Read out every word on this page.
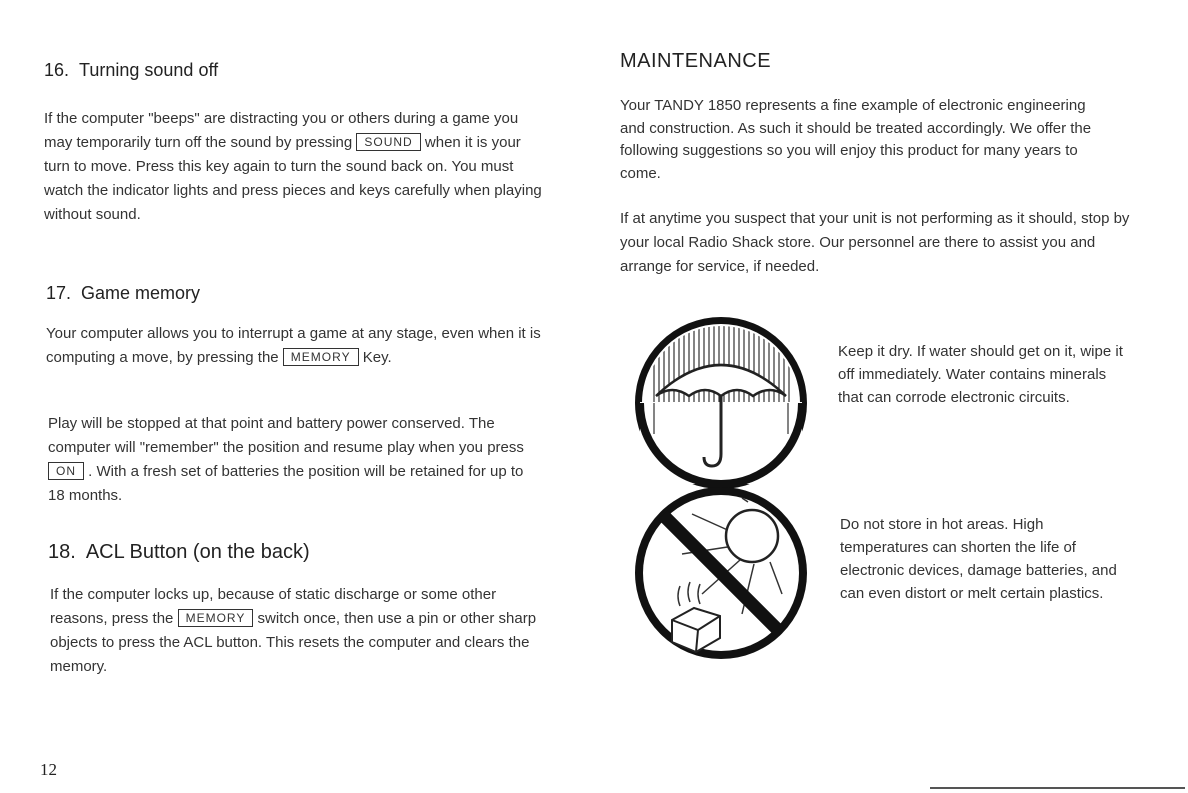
16. Turning sound off

If the computer "beeps" are distracting you or others during a game you may temporarily turn off the sound by pressing SOUND when it is your turn to move. Press this key again to turn the sound back on. You must watch the indicator lights and press pieces and keys carefully when playing without sound.

17. Game memory

Your computer allows you to interrupt a game at any stage, even when it is computing a move, by pressing the MEMORY Key.

Play will be stopped at that point and battery power conserved. The computer will "remember" the position and resume play when you press ON . With a fresh set of batteries the position will be retained for up to 18 months.

18. ACL Button (on the back)

If the computer locks up, because of static discharge or some other reasons, press the MEMORY switch once, then use a pin or other sharp objects to press the ACL button. This resets the computer and clears the memory.

MAINTENANCE

Your TANDY 1850 represents a fine example of electronic engineering and construction. As such it should be treated accordingly. We offer the following suggestions so you will enjoy this product for many years to come.

If at anytime you suspect that your unit is not performing as it should, stop by your local Radio Shack store. Our personnel are there to assist you and arrange for service, if needed.

Keep it dry. If water should get on it, wipe it off immediately. Water contains minerals that can corrode electronic circuits.

Do not store in hot areas. High temperatures can shorten the life of electronic devices, damage batteries, and can even distort or melt certain plastics.

12
